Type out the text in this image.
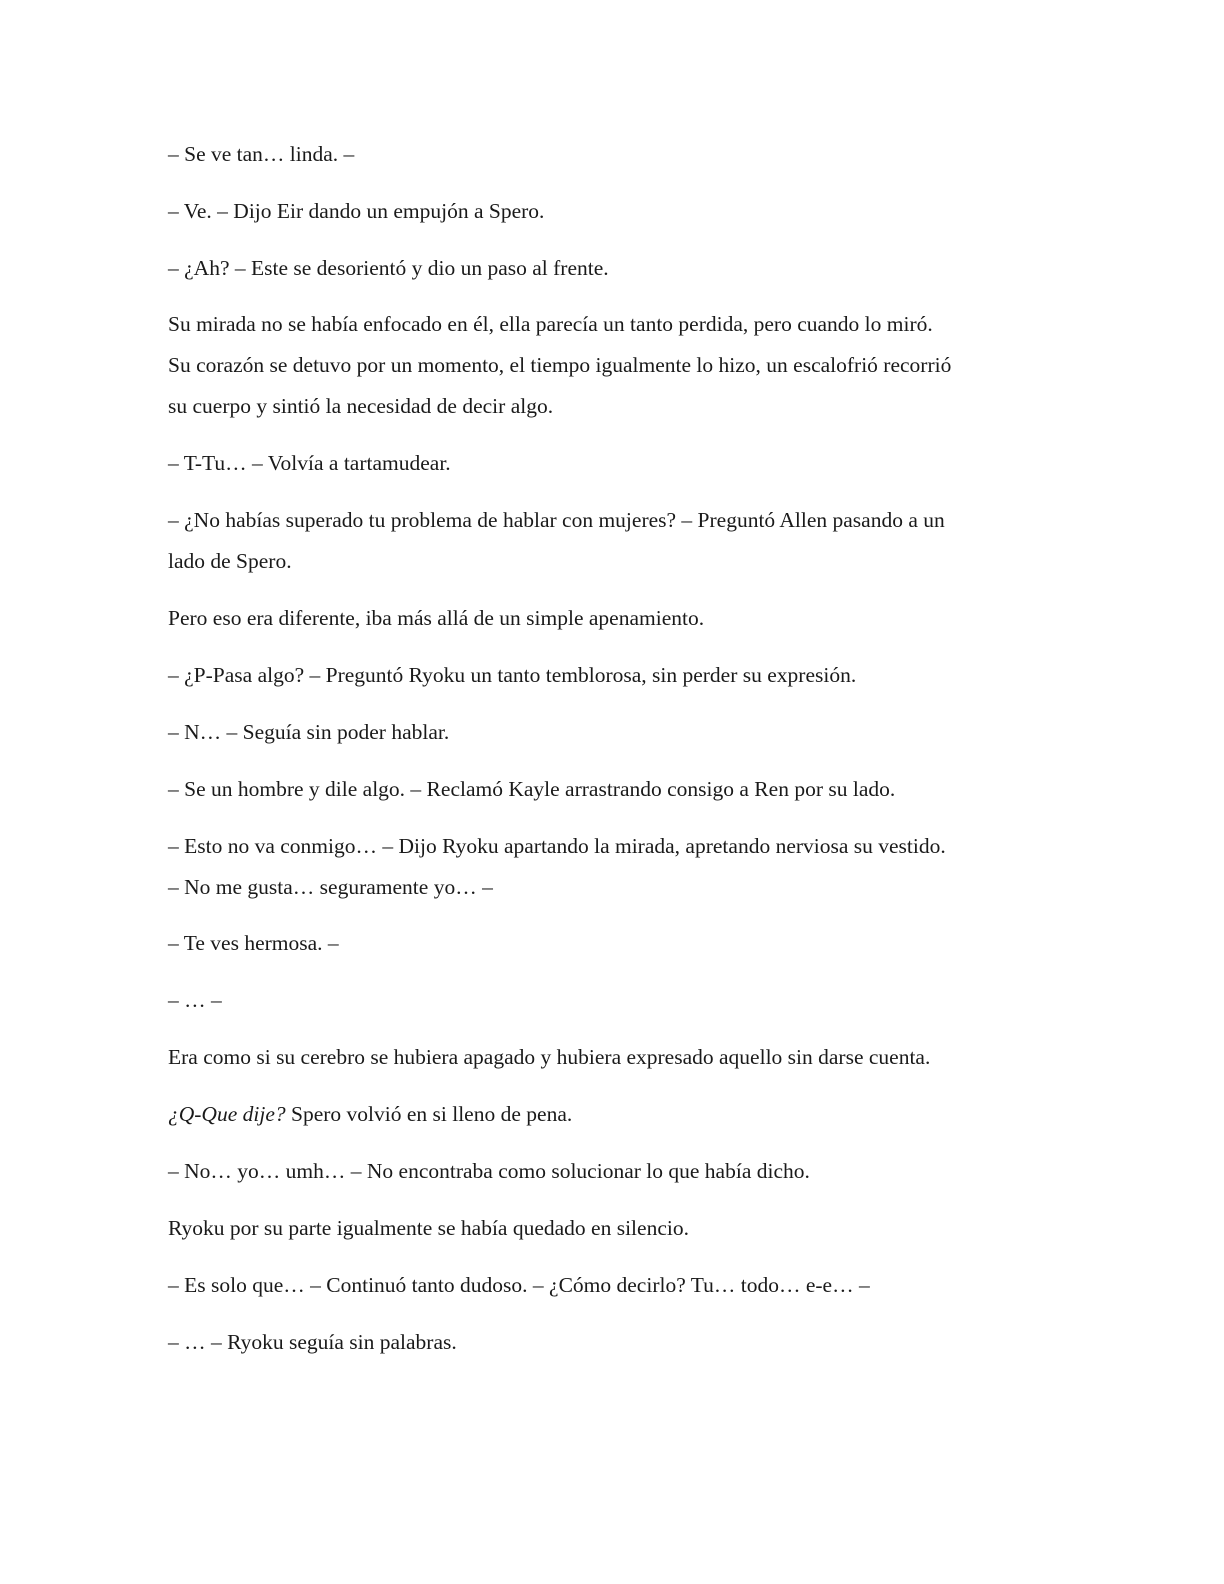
– Se ve tan… linda. –

– Ve. – Dijo Eir dando un empujón a Spero.

– ¿Ah? – Este se desorientó y dio un paso al frente.

Su mirada no se había enfocado en él, ella parecía un tanto perdida, pero cuando lo miró.
Su corazón se detuvo por un momento, el tiempo igualmente lo hizo, un escalofrió recorrió
su cuerpo y sintió la necesidad de decir algo.

– T-Tu… – Volvía a tartamudear.

– ¿No habías superado tu problema de hablar con mujeres? – Preguntó Allen pasando a un
lado de Spero.

Pero eso era diferente, iba más allá de un simple apenamiento.

– ¿P-Pasa algo? – Preguntó Ryoku un tanto temblorosa, sin perder su expresión.

– N… – Seguía sin poder hablar.

– Se un hombre y dile algo. – Reclamó Kayle arrastrando consigo a Ren por su lado.

– Esto no va conmigo… – Dijo Ryoku apartando la mirada, apretando nerviosa su vestido.
– No me gusta… seguramente yo… –

– Te ves hermosa. –

– … –

Era como si su cerebro se hubiera apagado y hubiera expresado aquello sin darse cuenta.

¿Q-Que dije? Spero volvió en si lleno de pena.

– No… yo… umh… – No encontraba como solucionar lo que había dicho.

Ryoku por su parte igualmente se había quedado en silencio.

– Es solo que… – Continuó tanto dudoso. – ¿Cómo decirlo? Tu… todo… e-e… –

– … – Ryoku seguía sin palabras.
